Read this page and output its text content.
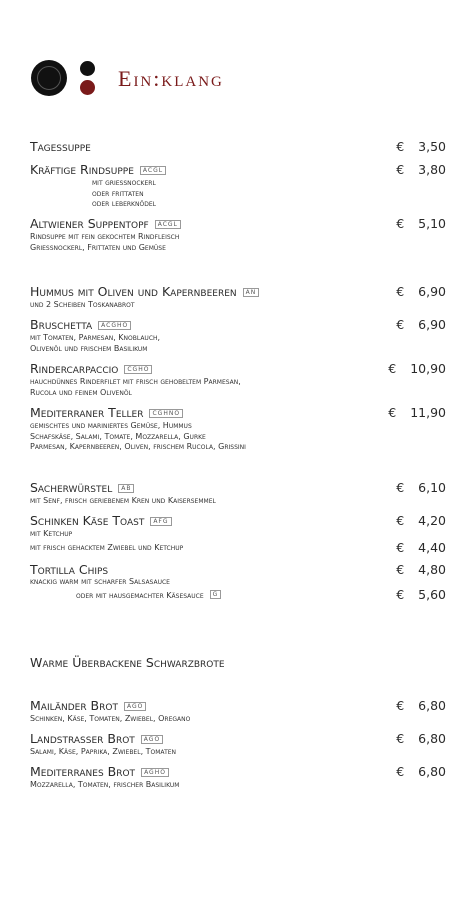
Ein:klang
Tagessuppe	€ 3,50
Kräftige Rindsuppe ACGL
mit griessnockerl
oder frittaten
oder leberknödel
€ 3,80
Altwiener Suppentopf ACGL
Rindsuppe mit fein gekochtem Rindfleisch
Griessnockerl, Frittaten und Gemüse
€ 5,10
Hummus mit Oliven und Kapernbeeren AN
und 2 Scheiben Toskanabrot
€ 6,90
Bruschetta ACGHO
mit Tomaten, Parmesan, Knoblauch,
Olivenöl und frischem Basilikum
€ 6,90
Rindercarpaccio CGHO
hauchdünnes Rinderfilet mit frisch gehobeltem Parmesan,
Rucola und feinem Olivenöl
€ 10,90
Mediterraner Teller CGHNO
gemischtes und mariniertes Gemüse, Hummus
Schafskäse, Salami, Tomate, Mozzarella, Gurke
Parmesan, Kapernbeeren, Oliven, frischem Rucola, Grissini
€ 11,90
Sacherwürstel AB
mit Senf, frisch geriebenem Kren und Kaisersemmel
€ 6,10
Schinken Käse Toast AFG
mit Ketchup
€ 4,20
mit frisch gehacktem Zwiebel und Ketchup	€ 4,40
Tortilla Chips
knackig warm mit scharfer Salsasauce
€ 4,80
oder mit hausgemachter Käsesauce $^G$	€ 5,60
Warme Überbackene Schwarzbrote
Mailänder Brot AGO
Schinken, Käse, Tomaten, Zwiebel, Oregano
€ 6,80
Landstrasser Brot AGO
Salami, Käse, Paprika, Zwiebel, Tomaten
€ 6,80
Mediterranes Brot AGHO
Mozzarella, Tomaten, frischer Basilikum
€ 6,80
